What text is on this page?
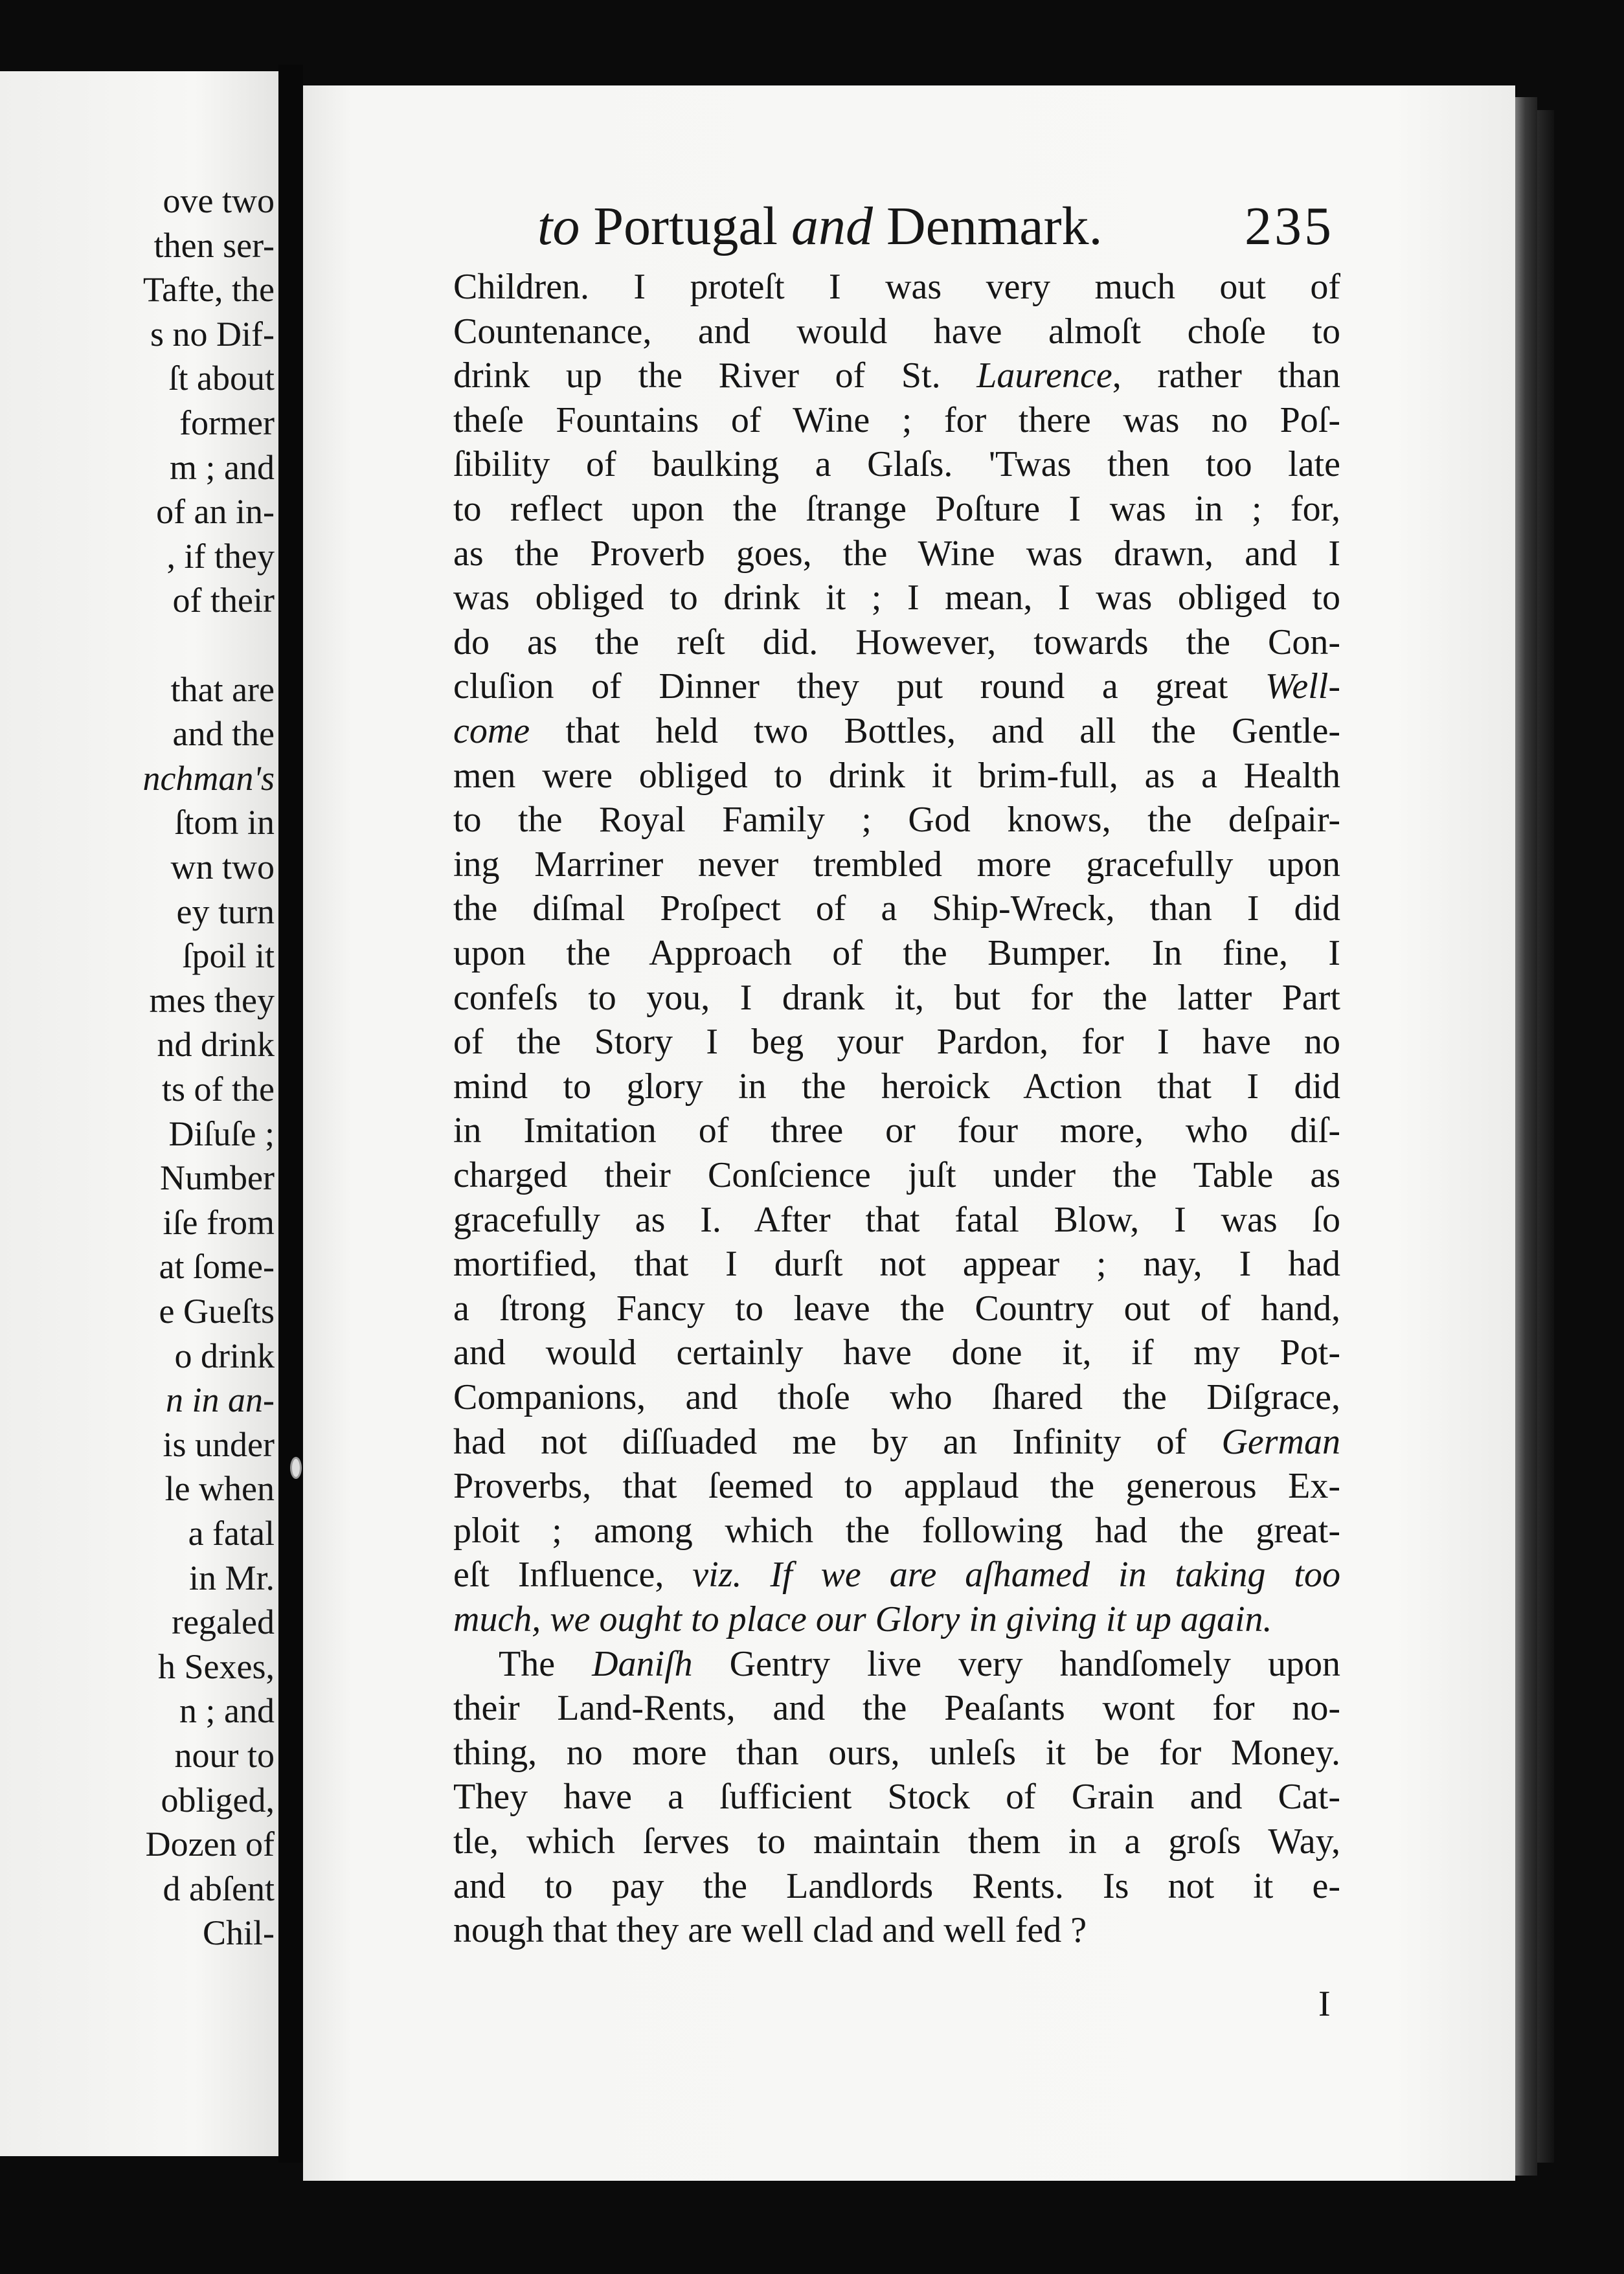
ove two

then ser-

Tafte, the

s no Dif-

ſt about

former

m ; and

of an in-

, if they

of their

that are

and the

nchman's

ſtom in

wn two

ey turn

ſpoil it

mes they

nd drink

ts of the

Diſuſe ;

Number

iſe from

at ſome-

e Gueſts

o drink

n in an-

is under

le when

a fatal

in Mr.

regaled

h Sexes,

n ; and

nour to

obliged,

Dozen of

d abſent

Chil-

to Portugal and Denmark.	235

Children. I proteſt I was very much out of

Countenance, and would have almoſt choſe to

drink up the River of St. Laurence, rather than

theſe Fountains of Wine ; for there was no Poſ-

ſibility of baulking a Glaſs. 'Twas then too late

to reflect upon the ſtrange Poſture I was in ; for,

as the Proverb goes, the Wine was drawn, and I

was obliged to drink it ; I mean, I was obliged to

do as the reſt did. However, towards the Con-

cluſion of Dinner they put round a great Well-

come that held two Bottles, and all the Gentle-

men were obliged to drink it brim-full, as a Health

to the Royal Family ; God knows, the deſpair-

ing Marriner never trembled more gracefully upon

the diſmal Proſpect of a Ship-Wreck, than I did

upon the Approach of the Bumper. In fine, I

confeſs to you, I drank it, but for the latter Part

of the Story I beg your Pardon, for I have no

mind to glory in the heroick Action that I did

in Imitation of three or four more, who diſ-

charged their Conſcience juſt under the Table as

gracefully as I. After that fatal Blow, I was ſo

mortified, that I durſt not appear ; nay, I had

a ſtrong Fancy to leave the Country out of hand,

and would certainly have done it, if my Pot-

Companions, and thoſe who ſhared the Diſgrace,

had not diſſuaded me by an Infinity of German

Proverbs, that ſeemed to applaud the generous Ex-

ploit ; among which the following had the great-

eſt Influence, viz. If we are aſhamed in taking too

much, we ought to place our Glory in giving it up again.

The Daniſh Gentry live very handſomely upon

their Land-Rents, and the Peaſants wont for no-

thing, no more than ours, unleſs it be for Money.

They have a ſufficient Stock of Grain and Cat-

tle, which ſerves to maintain them in a groſs Way,

and to pay the Landlords Rents. Is not it e-

nough that they are well clad and well fed ?

I
